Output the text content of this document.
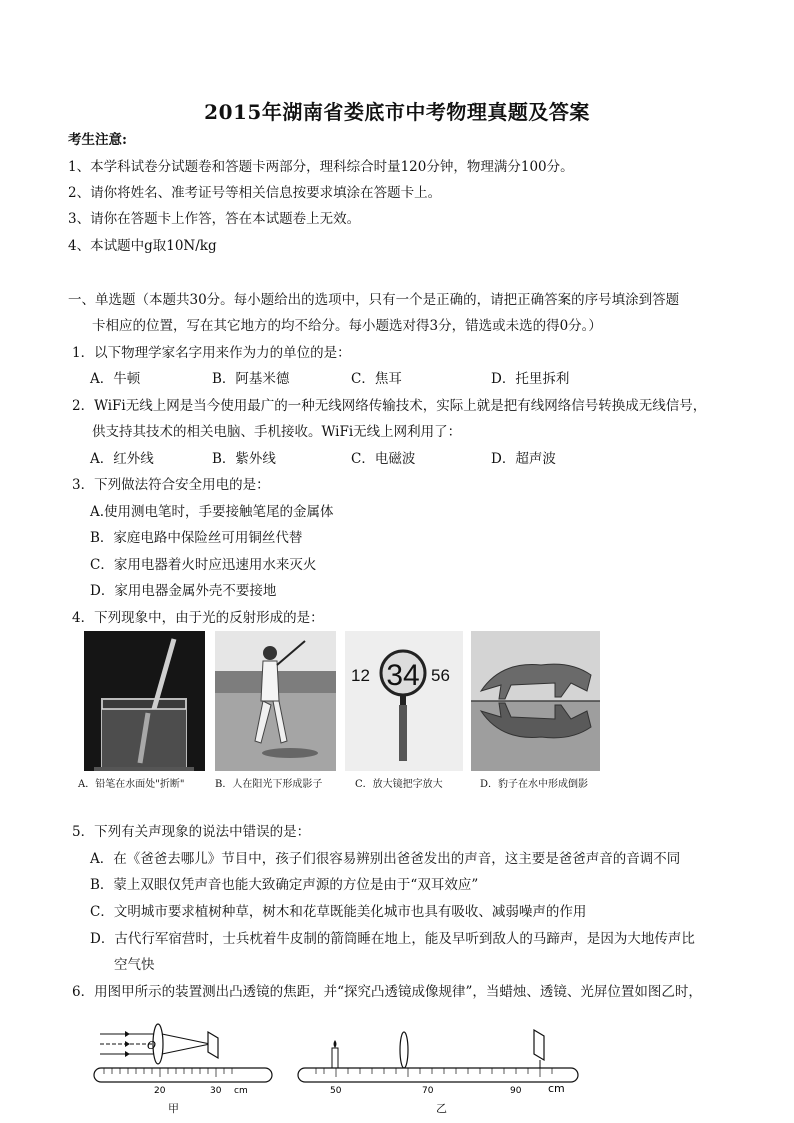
2015年湖南省娄底市中考物理真题及答案
考生注意:
1、本学科试卷分试题卷和答题卡两部分，理科综合时量120分钟，物理满分100分。
2、请你将姓名、准考证号等相关信息按要求填涂在答题卡上。
3、请你在答题卡上作答，答在本试题卷上无效。
4、本试题中g取10N/kg
一、单选题（本题共30分。每小题给出的选项中，只有一个是正确的，请把正确答案的序号填涂到答题
卡相应的位置，写在其它地方的均不给分。每小题选对得3分，错选或未选的得0分。）
1．以下物理学家名字用来作为力的单位的是：
A．牛顿	B．阿基米德	C．焦耳	D．托里拆利
2．WiFi无线上网是当今使用最广的一种无线网络传输技术，实际上就是把有线网络信号转换成无线信号，
供支持其技术的相关电脑、手机接收。WiFi无线上网利用了：
A．红外线	B．紫外线	C．电磁波	D．超声波
3．下列做法符合安全用电的是：
A.使用测电笔时，手要接触笔尾的金属体
B．家庭电路中保险丝可用铜丝代替
C．家用电器着火时应迅速用水来灭火
D．家用电器金属外壳不要接地
4．下列现象中，由于光的反射形成的是：
12 34 56
A．铅笔在水面处"折断"	B．人在阳光下形成影子	C．放大镜把字放大	D．豹子在水中形成倒影
5．下列有关声现象的说法中错误的是：
A．在《爸爸去哪儿》节目中，孩子们很容易辨别出爸爸发出的声音，这主要是爸爸声音的音调不同
B．蒙上双眼仅凭声音也能大致确定声源的方位是由于“双耳效应”
C．文明城市要求植树种草，树木和花草既能美化城市也具有吸收、减弱噪声的作用
D．古代行军宿营时，士兵枕着牛皮制的箭筒睡在地上，能及早听到敌人的马蹄声，是因为大地传声比
空气快
6．用图甲所示的装置测出凸透镜的焦距，并“探究凸透镜成像规律”，当蜡烛、透镜、光屏位置如图乙时，
O
20	30 cm
甲
50	70	90 cm
乙
